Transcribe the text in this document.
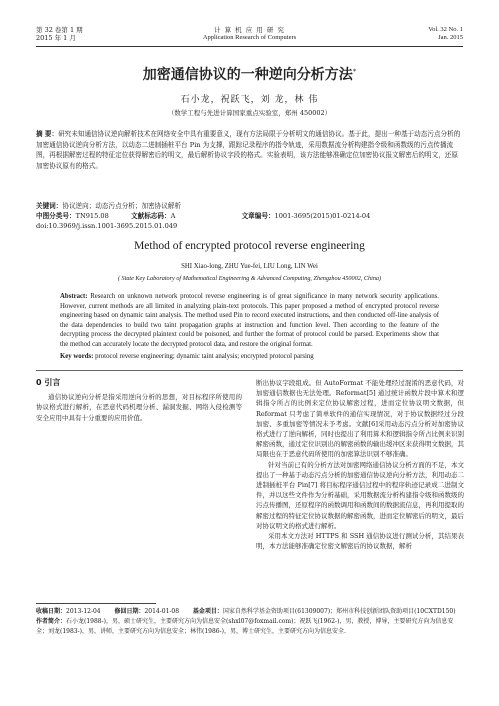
第 32 卷第 1 期
2015 年 1 月
计 算 机 应 用 研 究
Application Research of Computers
Vol. 32 No. 1
Jan. 2015
加密通信协议的一种逆向分析方法*
石小龙，祝跃飞，刘 龙，林 伟
（数学工程与先进计算国家重点实验室，郑州 450002）
摘 要：研究未知通信协议逆向解析技术在网络安全中具有重要意义，现有方法局限于分析明文的通信协议。基于此，提出一种基于动态污点分析的加密通信协议逆向分析方法，以动态二进制插桩平台 Pin 为支撑，跟踪记录程序的指令轨迹，采用数据流分析构建指令级和函数级的污点传播流图，再根据解密过程的特征定位获得解密后的明文，最后解析协议字段的格式。实验表明，该方法能够准确定位加密协议报文解密后的明文，还原加密协议原有的格式。
关键词：协议逆向；动态污点分析；加密协议解析
中图分类号：TN915.08	文献标志码：A	文章编号：1001-3695(2015)01-0214-04
doi:10.3969/j.issn.1001-3695.2015.01.049
Method of encrypted protocol reverse engineering
SHI Xiao-long, ZHU Yue-fei, LIU Long, LIN Wei
( State Key Laboratory of Mathematical Engineering & Advanced Computing, Zhengzhou 450002, China)
Abstract: Research on unknown network protocol reverse engineering is of great significance in many network security applications. However, current methods are all limited in analyzing plain-text protocols. This paper proposed a method of encrypted protocol reverse engineering based on dynamic taint analysis. The method used Pin to record executed instructions, and then conducted off-line analysis of the data dependencies to build two taint propagation graphs at instruction and function level. Then according to the feature of the decrypting process the decrypted plaintext could be poisoned, and further the format of protocol could be parsed. Experiments show that the method can accurately locate the decrypted protocol data, and restore the original format.
Key words: protocol reverse engineering; dynamic taint analysis; encrypted protocol parsing
0 引言

通信协议逆向分析是指采用逆向分析的思想，对目标程序所使用的协议格式进行解析，在恶意代码机理分析、漏洞发掘、网络入侵检测等安全应用中具有十分重要的应用价值。

断出协议字段组成。但 AutoFormat 不能处理经过混淆的恶意代码，对加密通信数据也无法处理。Reformat[5] 通过统计函数片段中算术和逻辑指令所占的比例来定位协议解密过程，进而定位协议明文数据，但 Reformat 只考虑了简单软件的通信实现情况，对于协议数据经过分段加密、多重加密等情况未予考虑。文献[6]采用动态污点分析对加密协议格式进行了逆向解析，同时也提出了利用算术和逻辑指令所占比例来识别解密函数，通过定位识别出的解密函数的输出缓冲区来获得明文数据，其局限也在于恶意代码所使用的加密算法识别不够准确。

针对当前已有的分析方法对加密网络通信协议分析方面的不足，本文提出了一种基于动态污点分析的加密通信协议逆向分析方法，利用动态二进制插桩平台 Pin[7] 将目标程序通信过程中的程序轨迹记录成二进制文件，并以这些文件作为分析基础，采用数据流分析构建指令级和函数级的污点传播图，还原程序的函数调用和函数间的数据流信息，再利用提取的解密过程的特征定位协议数据的解密函数，进而定位解密后的明文，最后对协议明文的格式进行解析。

采用本文方法对 HTTPS 和 SSH 通信协议进行测试分析，其结果表明，本方法能够准确定位密文解密后的协议数据，解析

收稿日期：2013-12-04 修回日期：2014-01-08 基金项目：国家自然科学基金资助项目(61309007)；郑州市科技创新团队资助项目(10CXTD150)
作者简介：石小龙(1988-)，男，硕士研究生，主要研究方向为信息安全(shxl07@foxmail.com)；祝跃飞(1962-)，男，教授，博导，主要研究方向为信息安全；刘龙(1983-)，男，讲师，主要研究方向为信息安全；林伟(1986-)，男，博士研究生，主要研究方向为信息安全.
